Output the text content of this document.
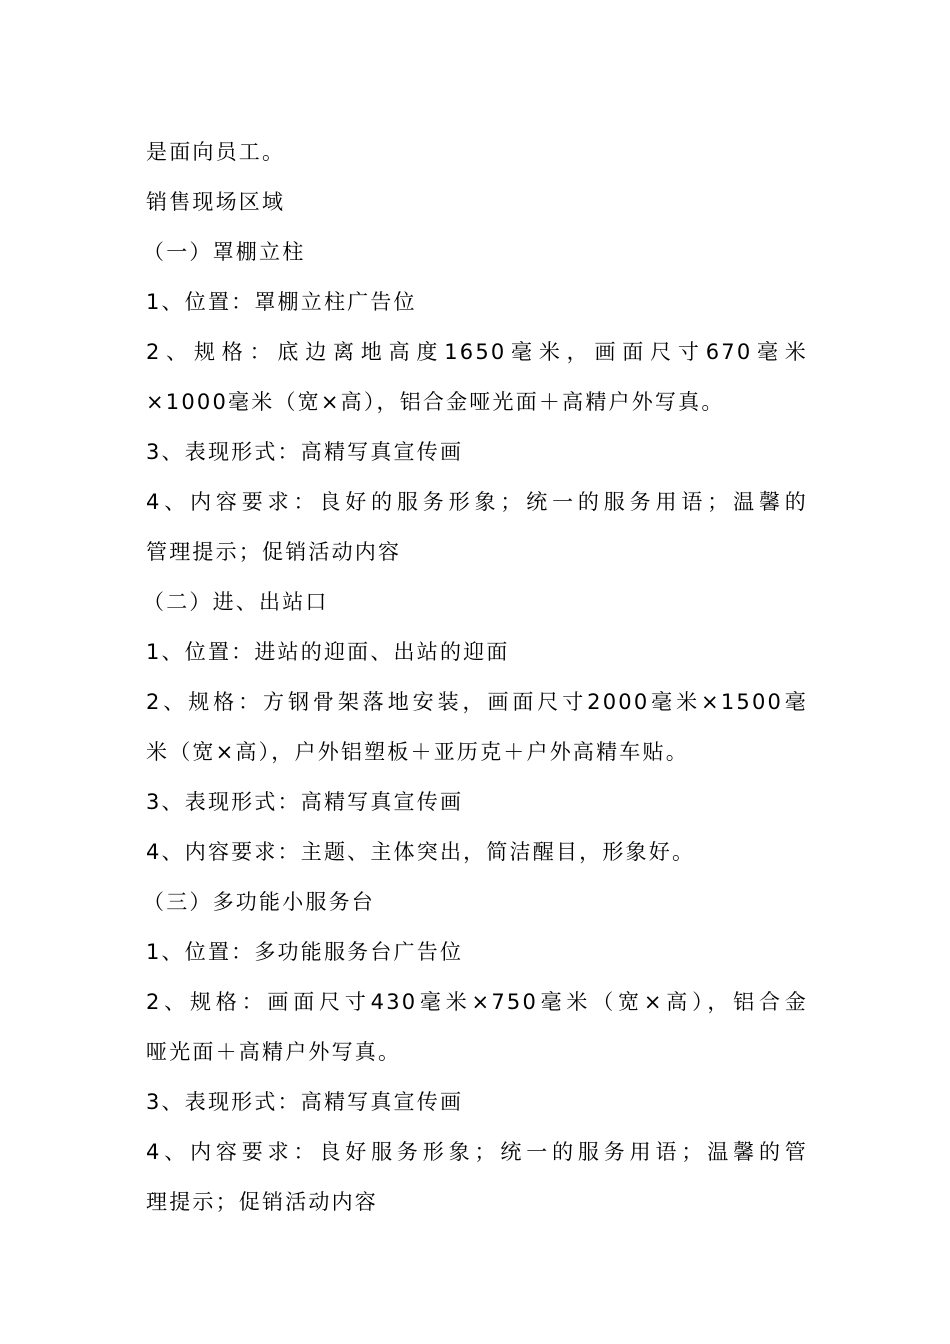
是面向员工。
销售现场区域
（一）罩棚立柱
1、位置：罩棚立柱广告位
2、规格：底边离地高度1650毫米，画面尺寸670毫米
×1000毫米（宽×高），铝合金哑光面＋高精户外写真。
3、表现形式：高精写真宣传画
4、内容要求：良好的服务形象；统一的服务用语；温馨的
管理提示；促销活动内容
（二）进、出站口
1、位置：进站的迎面、出站的迎面
2、规格：方钢骨架落地安装，画面尺寸2000毫米×1500毫
米（宽×高），户外铝塑板＋亚历克＋户外高精车贴。
3、表现形式：高精写真宣传画
4、内容要求：主题、主体突出，简洁醒目，形象好。
（三）多功能小服务台
1、位置：多功能服务台广告位
2、规格：画面尺寸430毫米×750毫米（宽×高），铝合金
哑光面＋高精户外写真。
3、表现形式：高精写真宣传画
4、内容要求：良好服务形象；统一的服务用语；温馨的管
理提示；促销活动内容
